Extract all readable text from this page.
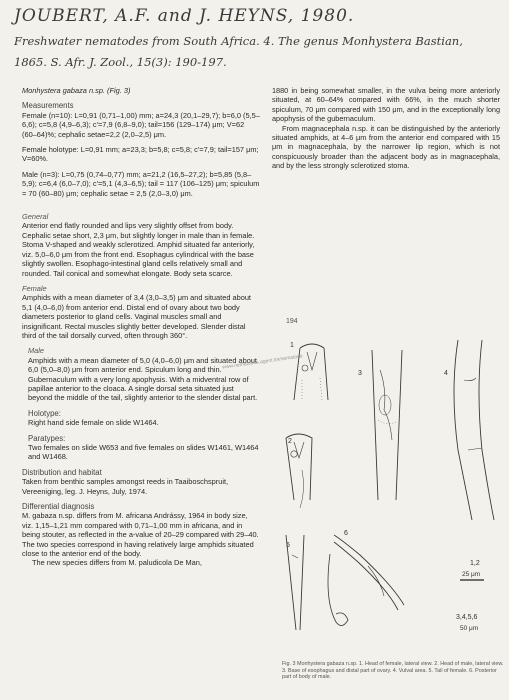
JOUBERT, A.F. and J. HEYNS, 1980.
Freshwater nematodes from South Africa. 4. The genus Monhystera Bastian,
1865. S. Afr. J. Zool., 15(3): 190-197.

Monhystera gabaza n.sp. (Fig. 3)

Measurements

Female (n=10): L=0,91 (0,71–1,00) mm; a=24,3 (20,1–29,7); b=6,0 (5,5–6,6); c=5,8 (4,9–6,3); c'=7,9 (6,8–9,0); tail=156 (129–174) μm; V=62 (60–64)%; cephalic setae=2,2 (2,0–2,5) μm.

Female holotype: L=0,91 mm; a=23,3; b=5,8; c=5,8; c'=7,9; tail=157 μm; V=60%.

Male (n=3): L=0,75 (0,74–0,77) mm; a=21,2 (16,5–27,2); b=5,85 (5,8–5,9); c=6,4 (6,0–7,0); c'=5,1 (4,3–6,5); tail = 117 (106–125) μm; spiculum = 70 (60–80) μm; cephalic setae = 2,5 (2,0–3,0) μm.

General

Anterior end flatly rounded and lips very slightly offset from body. Cephalic setae short, 2,3 μm, but slightly longer in male than in female. Stoma V-shaped and weakly sclerotized. Amphid situated far anteriorly, viz. 5,0–6,0 μm from the front end. Esophagus cylindrical with the base slightly swollen. Esophago-intestinal gland cells relatively small and rounded. Tail conical and somewhat elongate. Body seta scarce.

Female

Amphids with a mean diameter of 3,4 (3,0–3,5) μm and situated about 5,1 (4,0–6,0) from anterior end. Distal end of ovary about two body diameters posterior to gland cells. Vaginal muscles small and insignificant. Rectal muscles slightly better developed. Slender distal third of the tail dorsally curved, often through 360°.

Male

Amphids with a mean diameter of 5,0 (4,0–6,0) μm and situated about 6,0 (5,0–8,0) μm from anterior end. Spiculum long and thin. Gubernaculum with a very long apophysis. With a midventral row of papillae anterior to the cloaca. A single dorsal seta situated just beyond the middle of the tail, slightly anterior to the slender distal part.

Holotype:

Right hand side female on slide W1464.

Paratypes:

Two females on slide W653 and five females on slides W1461, W1464 and W1468.

Distribution and habitat

Taken from benthic samples amongst reeds in Taaiboschspruit, Vereeniging, leg. J. Heyns, July, 1974.

Differential diagnosis

M. gabaza n.sp. differs from M. africana Andrássy, 1964 in body size, viz. 1,15–1,21 mm compared with 0,71–1,00 mm in africana, and in being stouter, as reflected in the a-value of 20–29 compared with 29–40. The two species correspond in having relatively large amphids situated close to the anterior end of the body.

The new species differs from M. paludicola De Man,

1880 in being somewhat smaller, in the vulva being more anteriorly situated, at 60–64% compared with 66%, in the much shorter spiculum, 70 μm compared with 150 μm, and in the exceptionally long apophysis of the gubernaculum.

From magnacephala n.sp. it can be distinguished by the anteriorly situated amphids, at 4–6 μm from the anterior end compared with 15 μm in magnacephala, by the narrower lip region, which is not conspicuously broader than the adjacent body as in magnacephala, and by the less strongly sclerotized stoma.

www.nematodes.agent.tm/nematode
194
1
2
3	4
5
6
1,2
25 μm
3,4,5,6
50 μm
Fig. 3 Monhystera gabaza n.sp. 1. Head of female, lateral view. 2. Head of male, lateral view. 3. Base of esophagus and distal part of ovary. 4. Vulval area. 5. Tail of female. 6. Posterior part of body of male.
